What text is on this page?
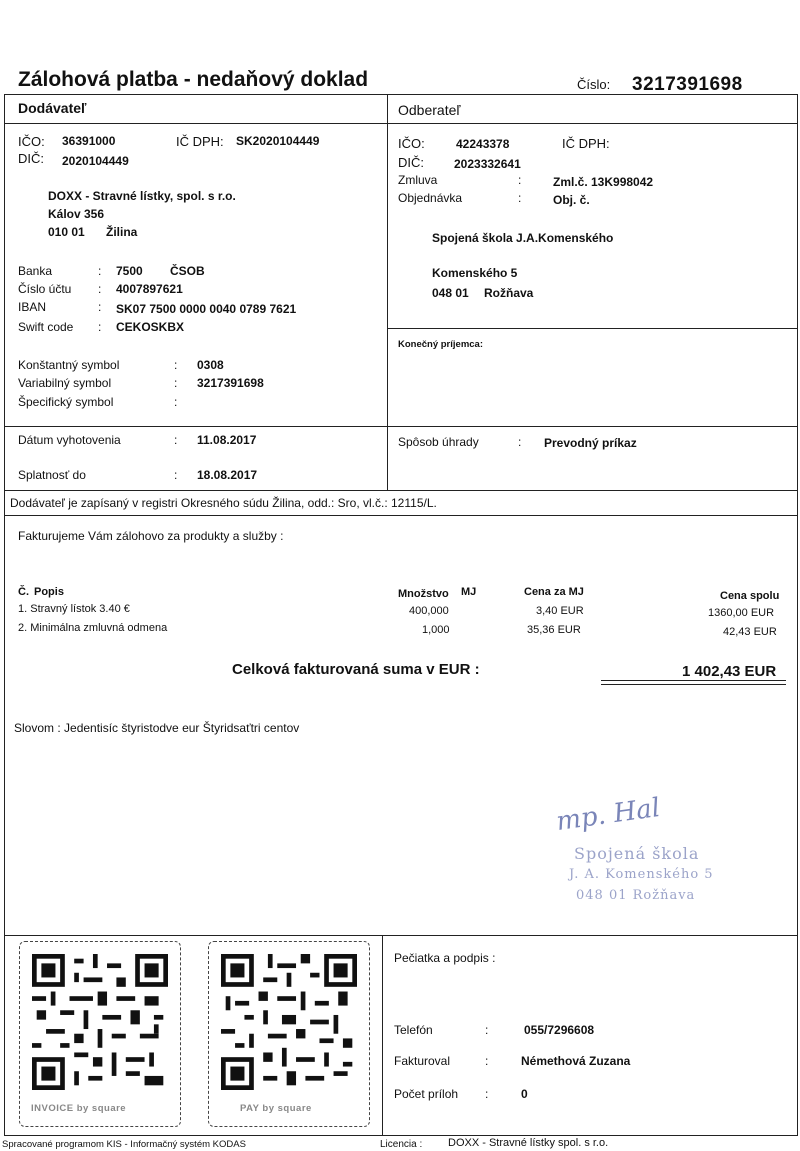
Zálohová platba - nedaňový doklad	Číslo: 3217391698
Dodávateľ	Odberateľ
IČO: 36391000	IČ DPH: SK2020104449
DIČ: 2020104449
DOXX - Stravné lístky, spol. s r.o.
Kálov 356
010 01 Žilina
Banka	: 7500 ČSOB
Číslo účtu : 4007897621
IBAN	: SK07 7500 0000 0040 0789 7621
Swift code : CEKOSKBX
Konštantný symbol	: 0308
Variabilný symbol	: 3217391698
Špecifický symbol	:
IČO:	42243378	IČ DPH:
DIČ:	2023332641
Zmluva	:	Zml.č. 13K998042
Objednávka	:	Obj. č.
Spojená škola J.A.Komenského
Komenského 5
048 01 Rožňava
Konečný príjemca:
Dátum vyhotovenia	: 11.08.2017
Splatnosť do	: 18.08.2017
Spôsob úhrady	: Prevodný príkaz
Dodávateľ je zapísaný v registri Okresného súdu Žilina, odd.: Sro, vl.č.: 12115/L.
Fakturujeme Vám zálohovo za produkty a služby :
Č. Popis	Množstvo MJ	Cena za MJ	Cena spolu
1. Stravný lístok 3.40 €	400,000	3,40 EUR	1360,00 EUR
2. Minimálna zmluvná odmena	1,000	35,36 EUR	42,43 EUR
Celková fakturovaná suma v EUR :	1 402,43 EUR
Slovom : Jedentisíc štyristodve eur Štyridsaťtri centov
mp. Hal
Spojená škola
J. A. Komenského 5
048 01 Rožňava
INVOICE by square	PAY by square
Pečiatka a podpis :
Telefón	:	055/7296608
Fakturoval	:	Némethová Zuzana
Počet príloh :	0
Spracované programom KIS - Informačný systém KODAS	Licencia : DOXX - Stravné lístky spol. s r.o.
